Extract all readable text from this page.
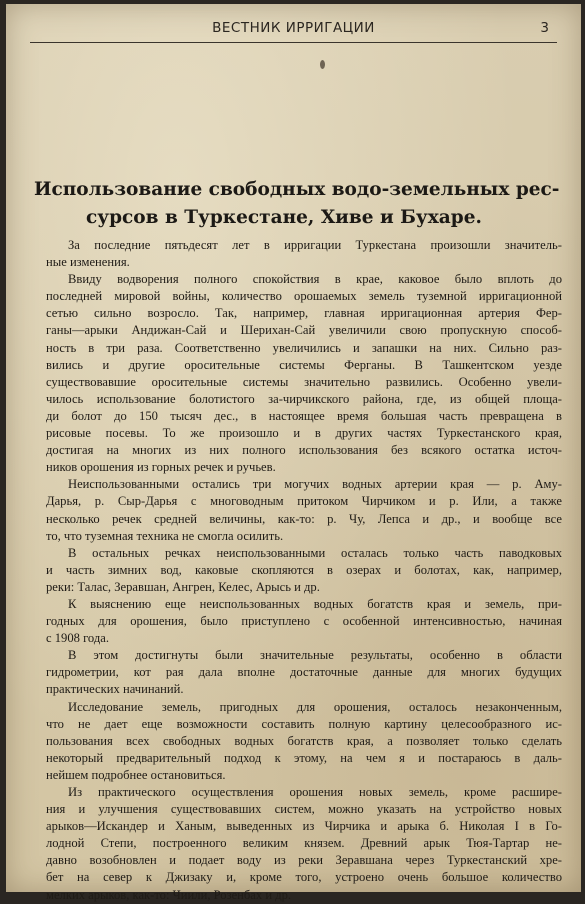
ВЕСТНИК ИРРИГАЦИИ	3
Использование свободных водо-земельных рес-
сурсов в Туркестане, Хиве и Бухаре.
За последние пятьдесят лет в ирригации Туркестана произошли значитель-
ные изменения.
Ввиду водворения полного спокойствия в крае, каковое было вплоть до
последней мировой войны, количество орошаемых земель туземной ирригационной
сетью сильно возросло. Так, например, главная ирригационная артерия Фер-
ганы—арыки Андижан-Сай и Шерихан-Сай увеличили свою пропускную способ-
ность в три раза. Соответственно увеличились и запашки на них. Сильно раз-
вились и другие оросительные системы Ферганы. В Ташкентском уезде
существовавшие оросительные системы значительно развились. Особенно увели-
чилось использование болотистого за-чирчикского района, где, из общей площа-
ди болот до 150 тысяч дес., в настоящее время большая часть превращена в
рисовые посевы. То же произошло и в других частях Туркестанского края,
достигая на многих из них полного использования без всякого остатка источ-
ников орошения из горных речек и ручьев.
Неиспользованными остались три могучих водных артерии края — р. Аму-
Дарья, р. Сыр-Дарья с многоводным притоком Чирчиком и р. Или, а также
несколько речек средней величины, как-то: р. Чу, Лепса и др., и вообще все
то, что туземная техника не смогла осилить.
В остальных речках неиспользованными осталась только часть паводковых
и часть зимних вод, каковые скопляются в озерах и болотах, как, например,
реки: Талас, Зеравшан, Ангрен, Келес, Арысь и др.
К выяснению еще неиспользованных водных богатств края и земель, при-
годных для орошения, было приступлено с особенной интенсивностью, начиная
с 1908 года.
В этом достигнуты были значительные результаты, особенно в области
гидрометрии, кот рая дала вполне достаточные данные для многих будущих
практических начинаний.
Исследование земель, пригодных для орошения, осталось незаконченным,
что не дает еще возможности составить полную картину целесообразного ис-
пользования всех свободных водных богатств края, а позволяет только сделать
некоторый предварительный подход к этому, на чем я и постараюсь в даль-
нейшем подробнее остановиться.
Из практического осуществления орошения новых земель, кроме расшире-
ния и улучшения существовавших систем, можно указать на устройство новых
арыков—Искандер и Ханым, выведенных из Чирчика и арыка б. Николая I в Го-
лодной Степи, построенного великим князем. Древний арык Тюя-Тартар не-
давно возобновлен и подает воду из реки Зеравшана через Туркестанский хре-
бет на север к Джизаку и, кроме того, устроено очень большое количество
мелких арыков, как-то: Чиили, Розенбах и др.
